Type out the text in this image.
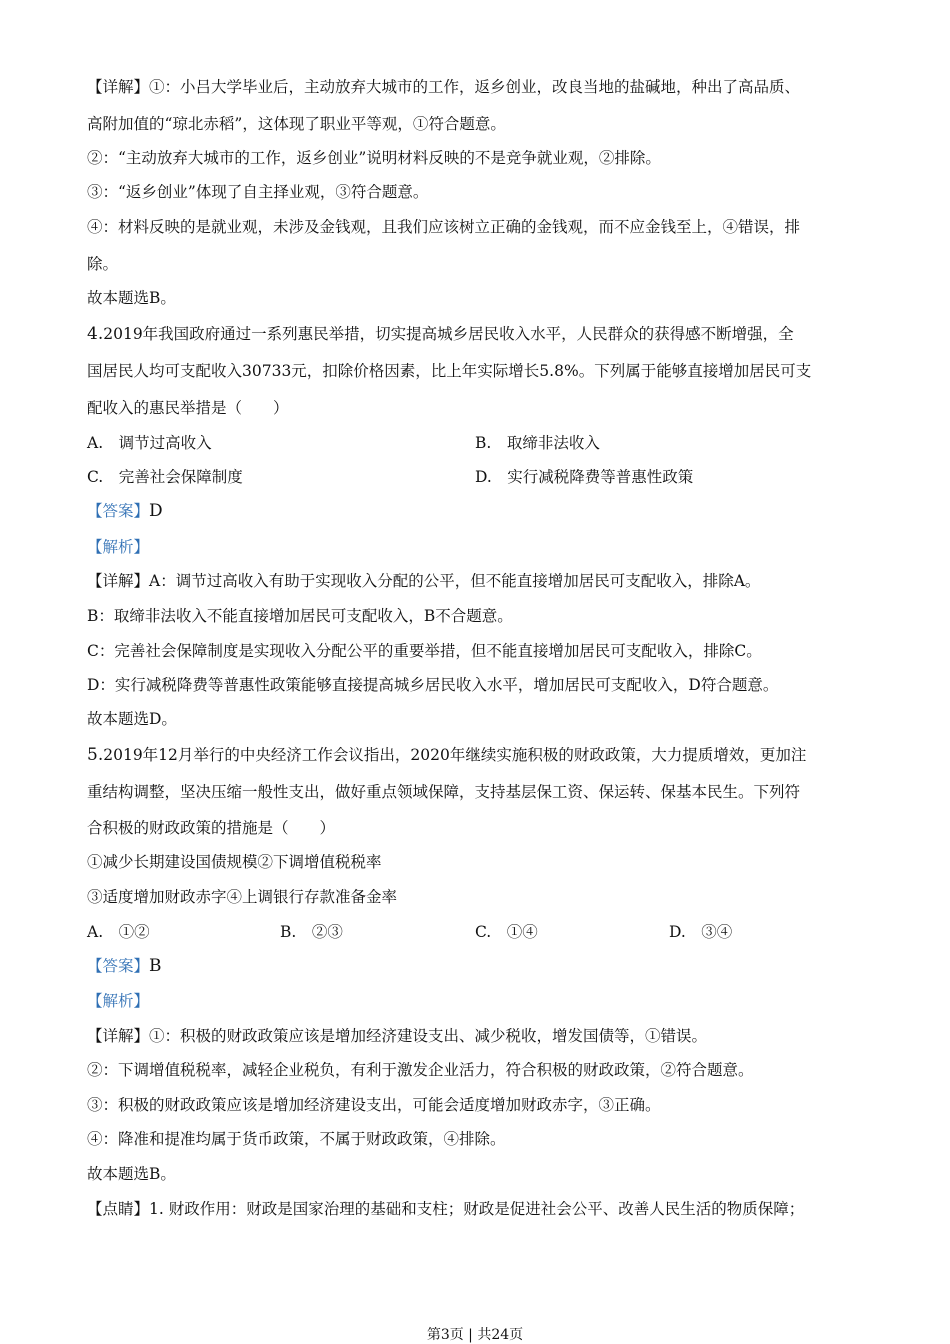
【详解】①：小吕大学毕业后，主动放弃大城市的工作，返乡创业，改良当地的盐碱地，种出了高品质、
高附加值的“琼北赤稻”，这体现了职业平等观，①符合题意。
②：“主动放弃大城市的工作，返乡创业”说明材料反映的不是竞争就业观，②排除。
③：“返乡创业”体现了自主择业观，③符合题意。
④：材料反映的是就业观，未涉及金钱观，且我们应该树立正确的金钱观，而不应金钱至上，④错误，排
除。
故本题选B。
4.2019年我国政府通过一系列惠民举措，切实提高城乡居民收入水平，人民群众的获得感不断增强，全
国居民人均可支配收入30733元，扣除价格因素，比上年实际增长5.8%。下列属于能够直接增加居民可支
配收入的惠民举措是（　　）
A.　调节过高收入	B.　取缔非法收入
C.　完善社会保障制度	D.　实行减税降费等普惠性政策
【答案】D
【解析】
【详解】A：调节过高收入有助于实现收入分配的公平，但不能直接增加居民可支配收入，排除A。
B：取缔非法收入不能直接增加居民可支配收入，B不合题意。
C：完善社会保障制度是实现收入分配公平的重要举措，但不能直接增加居民可支配收入，排除C。
D：实行减税降费等普惠性政策能够直接提高城乡居民收入水平，增加居民可支配收入，D符合题意。
故本题选D。
5.2019年12月举行的中央经济工作会议指出，2020年继续实施积极的财政政策，大力提质增效，更加注
重结构调整，坚决压缩一般性支出，做好重点领域保障，支持基层保工资、保运转、保基本民生。下列符
合积极的财政政策的措施是（　　）
①减少长期建设国债规模②下调增值税税率
③适度增加财政赤字④上调银行存款准备金率
A.　①②	B.　②③	C.　①④	D.　③④
【答案】B
【解析】
【详解】①：积极的财政政策应该是增加经济建设支出、减少税收，增发国债等，①错误。
②：下调增值税税率，减轻企业税负，有利于激发企业活力，符合积极的财政政策，②符合题意。
③：积极的财政政策应该是增加经济建设支出，可能会适度增加财政赤字，③正确。
④：降准和提准均属于货币政策，不属于财政政策，④排除。
故本题选B。
【点睛】1. 财政作用：财政是国家治理的基础和支柱；财政是促进社会公平、改善人民生活的物质保障；
第3页 | 共24页
